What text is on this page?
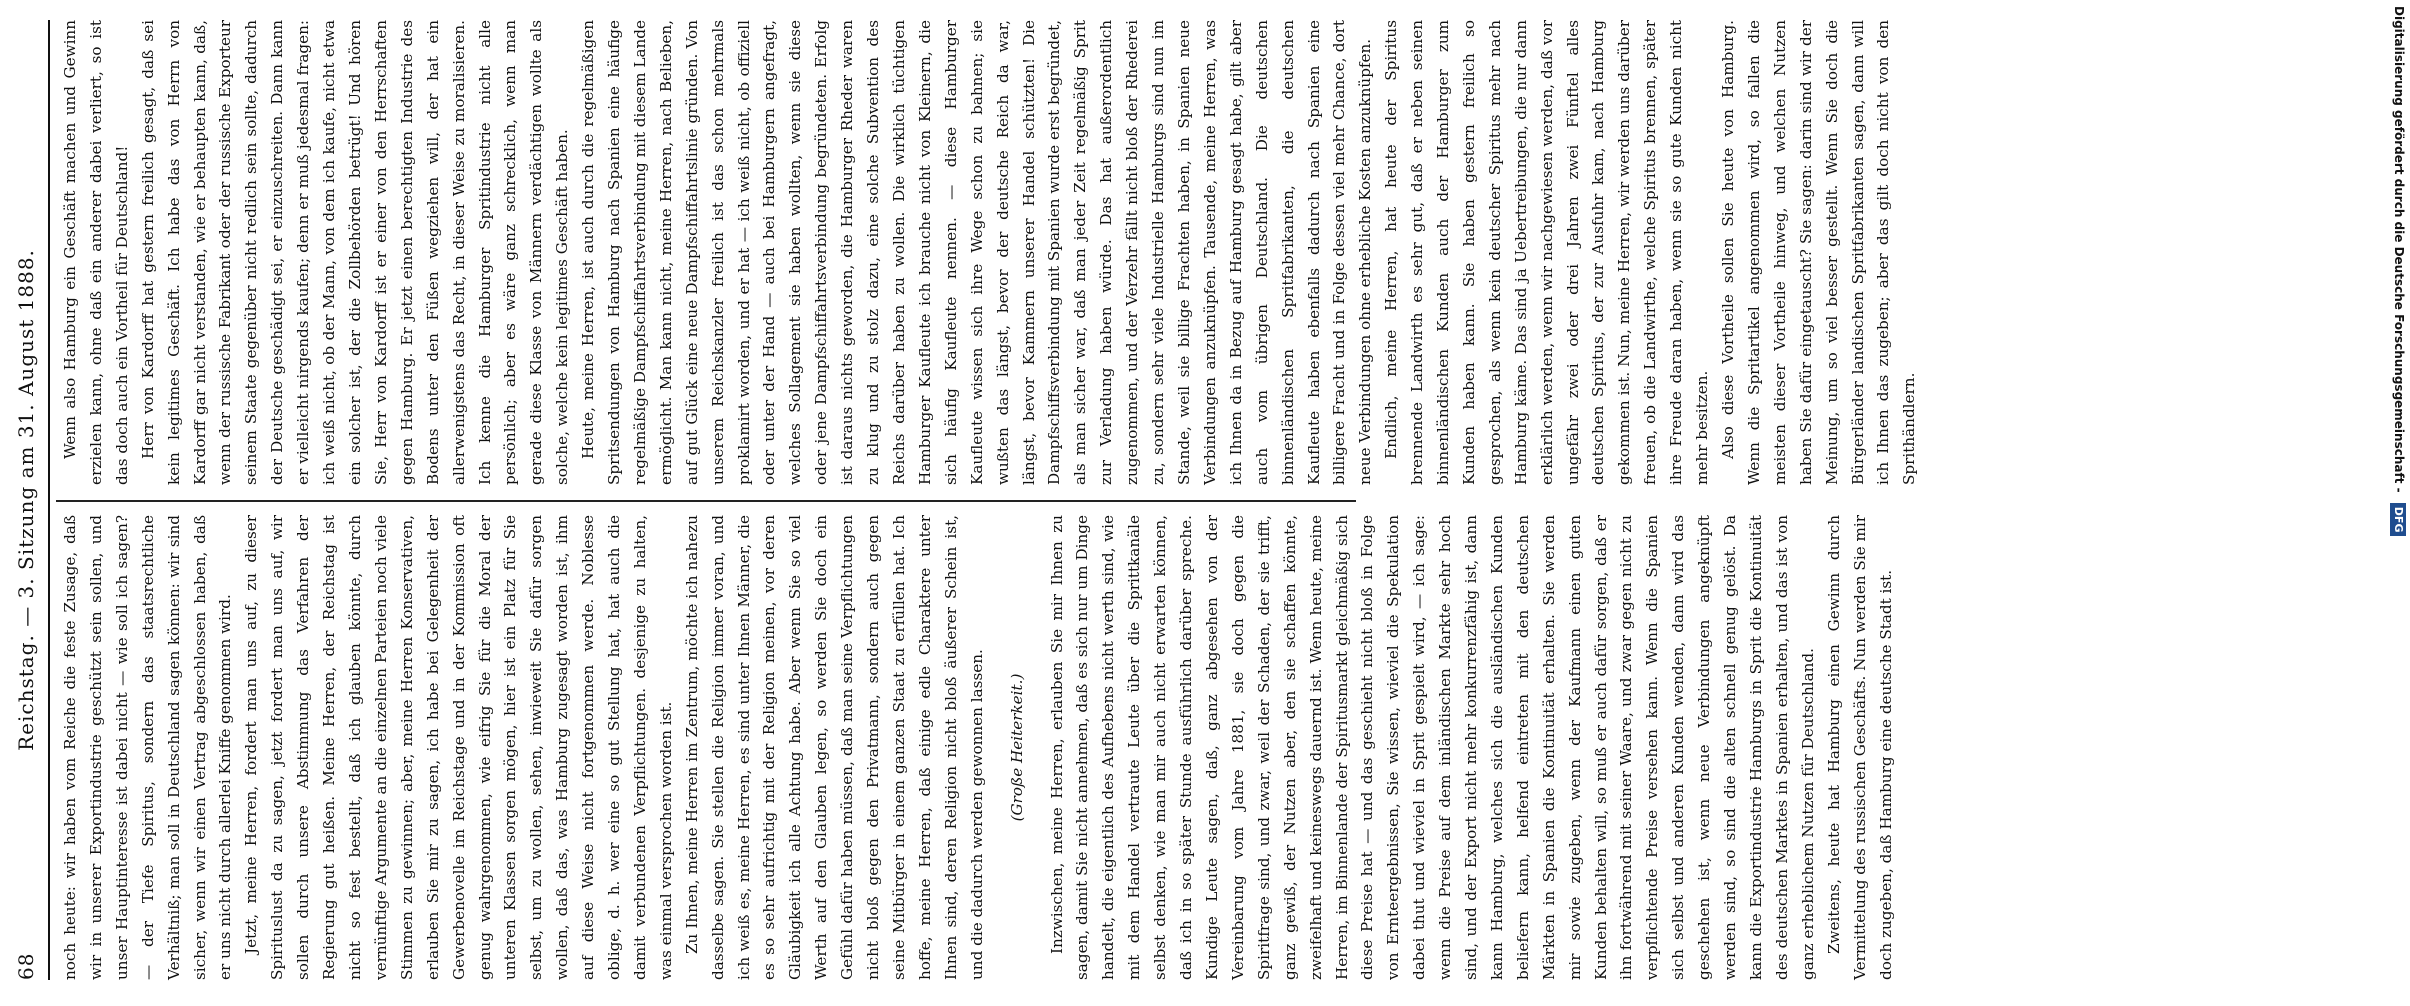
68
Reichstag. — 3. Sitzung am 31. August 1888. noch heute: wir haben vom Reiche die feste Zusage, daß wir in unserer Exportindustrie geschützt sein sollen, und unser Hauptinteresse ist dabei nicht — wie soll ich sagen? — der Tiefe Spiritus, sondern das staatsrechtliche Verhältniß; man soll in Deutschland sagen können: wir sind sicher, wenn wir einen Vertrag abgeschlossen haben, daß er uns nicht durch allerlei Kniffe genommen wird. Jetzt, meine Herren, fordert man uns auf, zu dieser Spirituslust da zu sagen, jetzt fordert man uns auf, wir sollen durch unsere Abstimmung das Verfahren der Regierung gut heißen. Meine Herren, der Reichstag ist nicht so fest bestellt, daß ich glauben könnte, durch vernünftige Argumente an die einzelnen Parteien noch viele Stimmen zu gewinnen; aber, meine Herren Konservativen, erlauben Sie mir zu sagen, ich habe bei Gelegenheit der Gewerbenovelle im Reichstage und in der Kommission oft genug wahrgenommen, wie eifrig Sie für die Moral der unteren Klassen sorgen mögen, hier ist ein Platz für Sie selbst, um zu wollen, sehen, inwieweit Sie dafür sorgen wollen, daß das, was Hamburg zugesagt worden ist, ihm auf diese Weise nicht fortgenommen werde. Noblesse oblige, d. h. wer eine so gut Stellung hat, hat auch die damit verbundenen Verpflichtungen. desjenige zu halten, was einmal versprochen worden ist. Zu Ihnen, meine Herren im Zentrum, möchte ich nahezu dasselbe sagen. Sie stellen die Religion immer voran, und ich weiß es, meine Herren, es sind unter Ihnen Männer, die es so sehr aufrichtig mit der Religion meinen, vor deren Gläubigkeit ich alle Achtung habe. Aber wenn Sie so viel Werth auf den Glauben legen, so werden Sie doch ein Gefühl dafür haben müssen, daß man seine Verpflichtungen nicht bloß gegen den Privatmann, sondern auch gegen seine Mitbürger in einem ganzen Staat zu erfüllen hat. Ich hoffe, meine Herren, daß einige edle Charaktere unter Ihnen sind, deren Religion nicht bloß äußerer Schein ist, und die dadurch werden gewonnen lassen.	(Große Heiterkeit.)	Inzwischen, meine Herren, erlauben Sie mir Ihnen zu sagen, damit Sie nicht annehmen, daß es sich nur um Dinge handelt, die eigentlich des Aufhebens nicht werth sind, wie mit dem Handel vertraute Leute über die Sprittkanäle selbst denken, wie man mir auch nicht erwarten können, daß ich in so später Stunde ausführlich darüber spreche. Kundige Leute sagen, daß, ganz abgesehen von der Vereinbarung vom Jahre 1881, sie doch gegen die Spiritfrage sind, und zwar, weil der Schaden, der sie trifft, ganz gewiß, der Nutzen aber, den sie schaffen könnte, zweifelhaft und keineswegs dauernd ist. Wenn heute, meine Herren, im Binnenlande der Spiritusmarkt gleichmäßig sich diese Preise hat — und das geschieht nicht bloß in Folge von Ernteergebnissen, Sie wissen, wieviel die Spekulation dabei thut und wieviel in Sprit gespielt wird, — ich sage: wenn die Preise auf dem inländischen Markte sehr hoch sind, und der Export nicht mehr konkurrenzfähig ist, dann kann Hamburg, welches sich die ausländischen Kunden beliefern kann, helfend eintreten mit den deutschen Märkten in Spanien die Kontinuität erhalten. Sie werden mir sowie zugeben, wenn der Kaufmann einen guten Kunden behalten will, so muß er auch dafür sorgen, daß er ihn fortwährend mit seiner Waare, und zwar gegen nicht zu verpflichtende Preise versehen kann. Wenn die Spanien sich selbst und anderen Kunden wenden, dann wird das geschehen ist, wenn neue Verbindungen angeknüpft werden sind, so sind die alten schnell genug gelöst. Da kann die Exportindustrie Hamburgs in Sprit die Kontinuität des deutschen Marktes in Spanien erhalten, und das ist von ganz erheblichem Nutzen für Deutschland. Zweitens, heute hat Hamburg einen Gewinn durch Vermittelung des russischen Geschäfts. Nun werden Sie mir doch zugeben, daß Hamburg eine deutsche Stadt ist.

Wenn also Hamburg ein Geschäft machen und Gewinn erzielen kann, ohne daß ein anderer dabei verliert, so ist das doch auch ein Vortheil für Deutschland! Herr von Kardorff hat gestern freilich gesagt, daß sei kein legitimes Geschäft. Ich habe das von Herrn von Kardorff gar nicht verstanden, wie er behaupten kann, daß, wenn der russische Fabrikant oder der russische Exporteur seinem Staate gegenüber nicht redlich sein sollte, dadurch der Deutsche geschädigt sei, er einzuschreiten. Dann kann er vielleicht nirgends kaufen; denn er muß jedesmal fragen: ich weiß nicht, ob der Mann, von dem ich kaufe, nicht etwa ein solcher ist, der die Zollbehörden betrügt! Und hören Sie, Herr von Kardorff ist er einer von den Herrschaften gegen Hamburg. Er jetzt einen berechtigten Industrie des Bodens unter den Füßen wegziehen will, der hat ein allerwenigstens das Recht, in dieser Weise zu moralisieren. Ich kenne die Hamburger Spritindustrie nicht alle persönlich; aber es wäre ganz schrecklich, wenn man gerade diese Klasse von Männern verdächtigen wollte als solche, welche kein legitimes Geschäft haben. Heute, meine Herren, ist auch durch die regelmäßigen Spritsendungen von Hamburg nach Spanien eine häufige regelmäßige Dampfschiffahrtsverbindung mit diesem Lande ermöglicht. Man kann nicht, meine Herren, nach Belieben, auf gut Glück eine neue Dampfschiffahrtslinie gründen. Von unserem Reichskanzler freilich ist das schon mehrmals proklamirt worden, und er hat — ich weiß nicht, ob offiziell oder unter der Hand — auch bei Hamburgern angefragt, welches Sollagement sie haben wollten, wenn sie diese oder jene Dampfschiffahrtsverbindung begründeten. Erfolg ist daraus nichts geworden, die Hamburger Rheder waren zu klug und zu stolz dazu, eine solche Subvention des Reichs darüber haben zu wollen. Die wirklich tüchtigen Hamburger Kaufleute ich brauche nicht von Kleinern, die sich häufig Kaufleute nennen. — diese Hamburger Kaufleute wissen sich ihre Wege schon zu bahnen; sie wußten das längst, bevor der deutsche Reich da war, längst, bevor Kammern unserer Handel schützten! Die Dampfschiffsverbindung mit Spanien wurde erst begründet, als man sicher war, daß man jeder Zeit regelmäßig Sprit zur Verladung haben würde. Das hat außerordentlich zugenommen, und der Verzehr fällt nicht bloß der Rhederei zu, sondern sehr viele Industrielle Hamburgs sind nun im Stande, weil sie billige Frachten haben, in Spanien neue Verbindungen anzuknüpfen. Tausende, meine Herren, was ich Ihnen da in Bezug auf Hamburg gesagt habe, gilt aber auch vom übrigen Deutschland. Die deutschen binnenländischen Spritfabrikanten, die deutschen Kaufleute haben ebenfalls dadurch nach Spanien eine billigere Fracht und in Folge dessen viel mehr Chance, dort neue Verbindungen ohne erhebliche Kosten anzuknüpfen. Endlich, meine Herren, hat heute der Spiritus brennende Landwirth es sehr gut, daß er neben seinen binnenländischen Kunden auch der Hamburger zum Kunden haben kann. Sie haben gestern freilich so gesprochen, als wenn kein deutscher Spiritus mehr nach Hamburg käme. Das sind ja Uebertreibungen, die nur dann erklärlich werden, wenn wir nachgewiesen werden, daß vor ungefähr zwei oder drei Jahren zwei Fünftel alles deutschen Spiritus, der zur Ausfuhr kam, nach Hamburg gekommen ist. Nun, meine Herren, wir werden uns darüber freuen, ob die Landwirthe, welche Spiritus brennen, später ihre Freude daran haben, wenn sie so gute Kunden nicht mehr besitzen. Also diese Vortheile sollen Sie heute von Hamburg. Wenn die Spritartikel angenommen wird, so fallen die meisten dieser Vortheile hinweg, und welchen Nutzen haben Sie dafür eingetauscht? Sie sagen: darin sind wir der Meinung, um so viel besser gestellt. Wenn Sie doch die Bürgerländer landischen Spritfabrikanten sagen, dann will ich Ihnen das zugeben; aber das gilt doch nicht von den Sprithändlern.	Digitalisierung gefördert durch die Deutsche Forschungsgemeinschaft - DFG
